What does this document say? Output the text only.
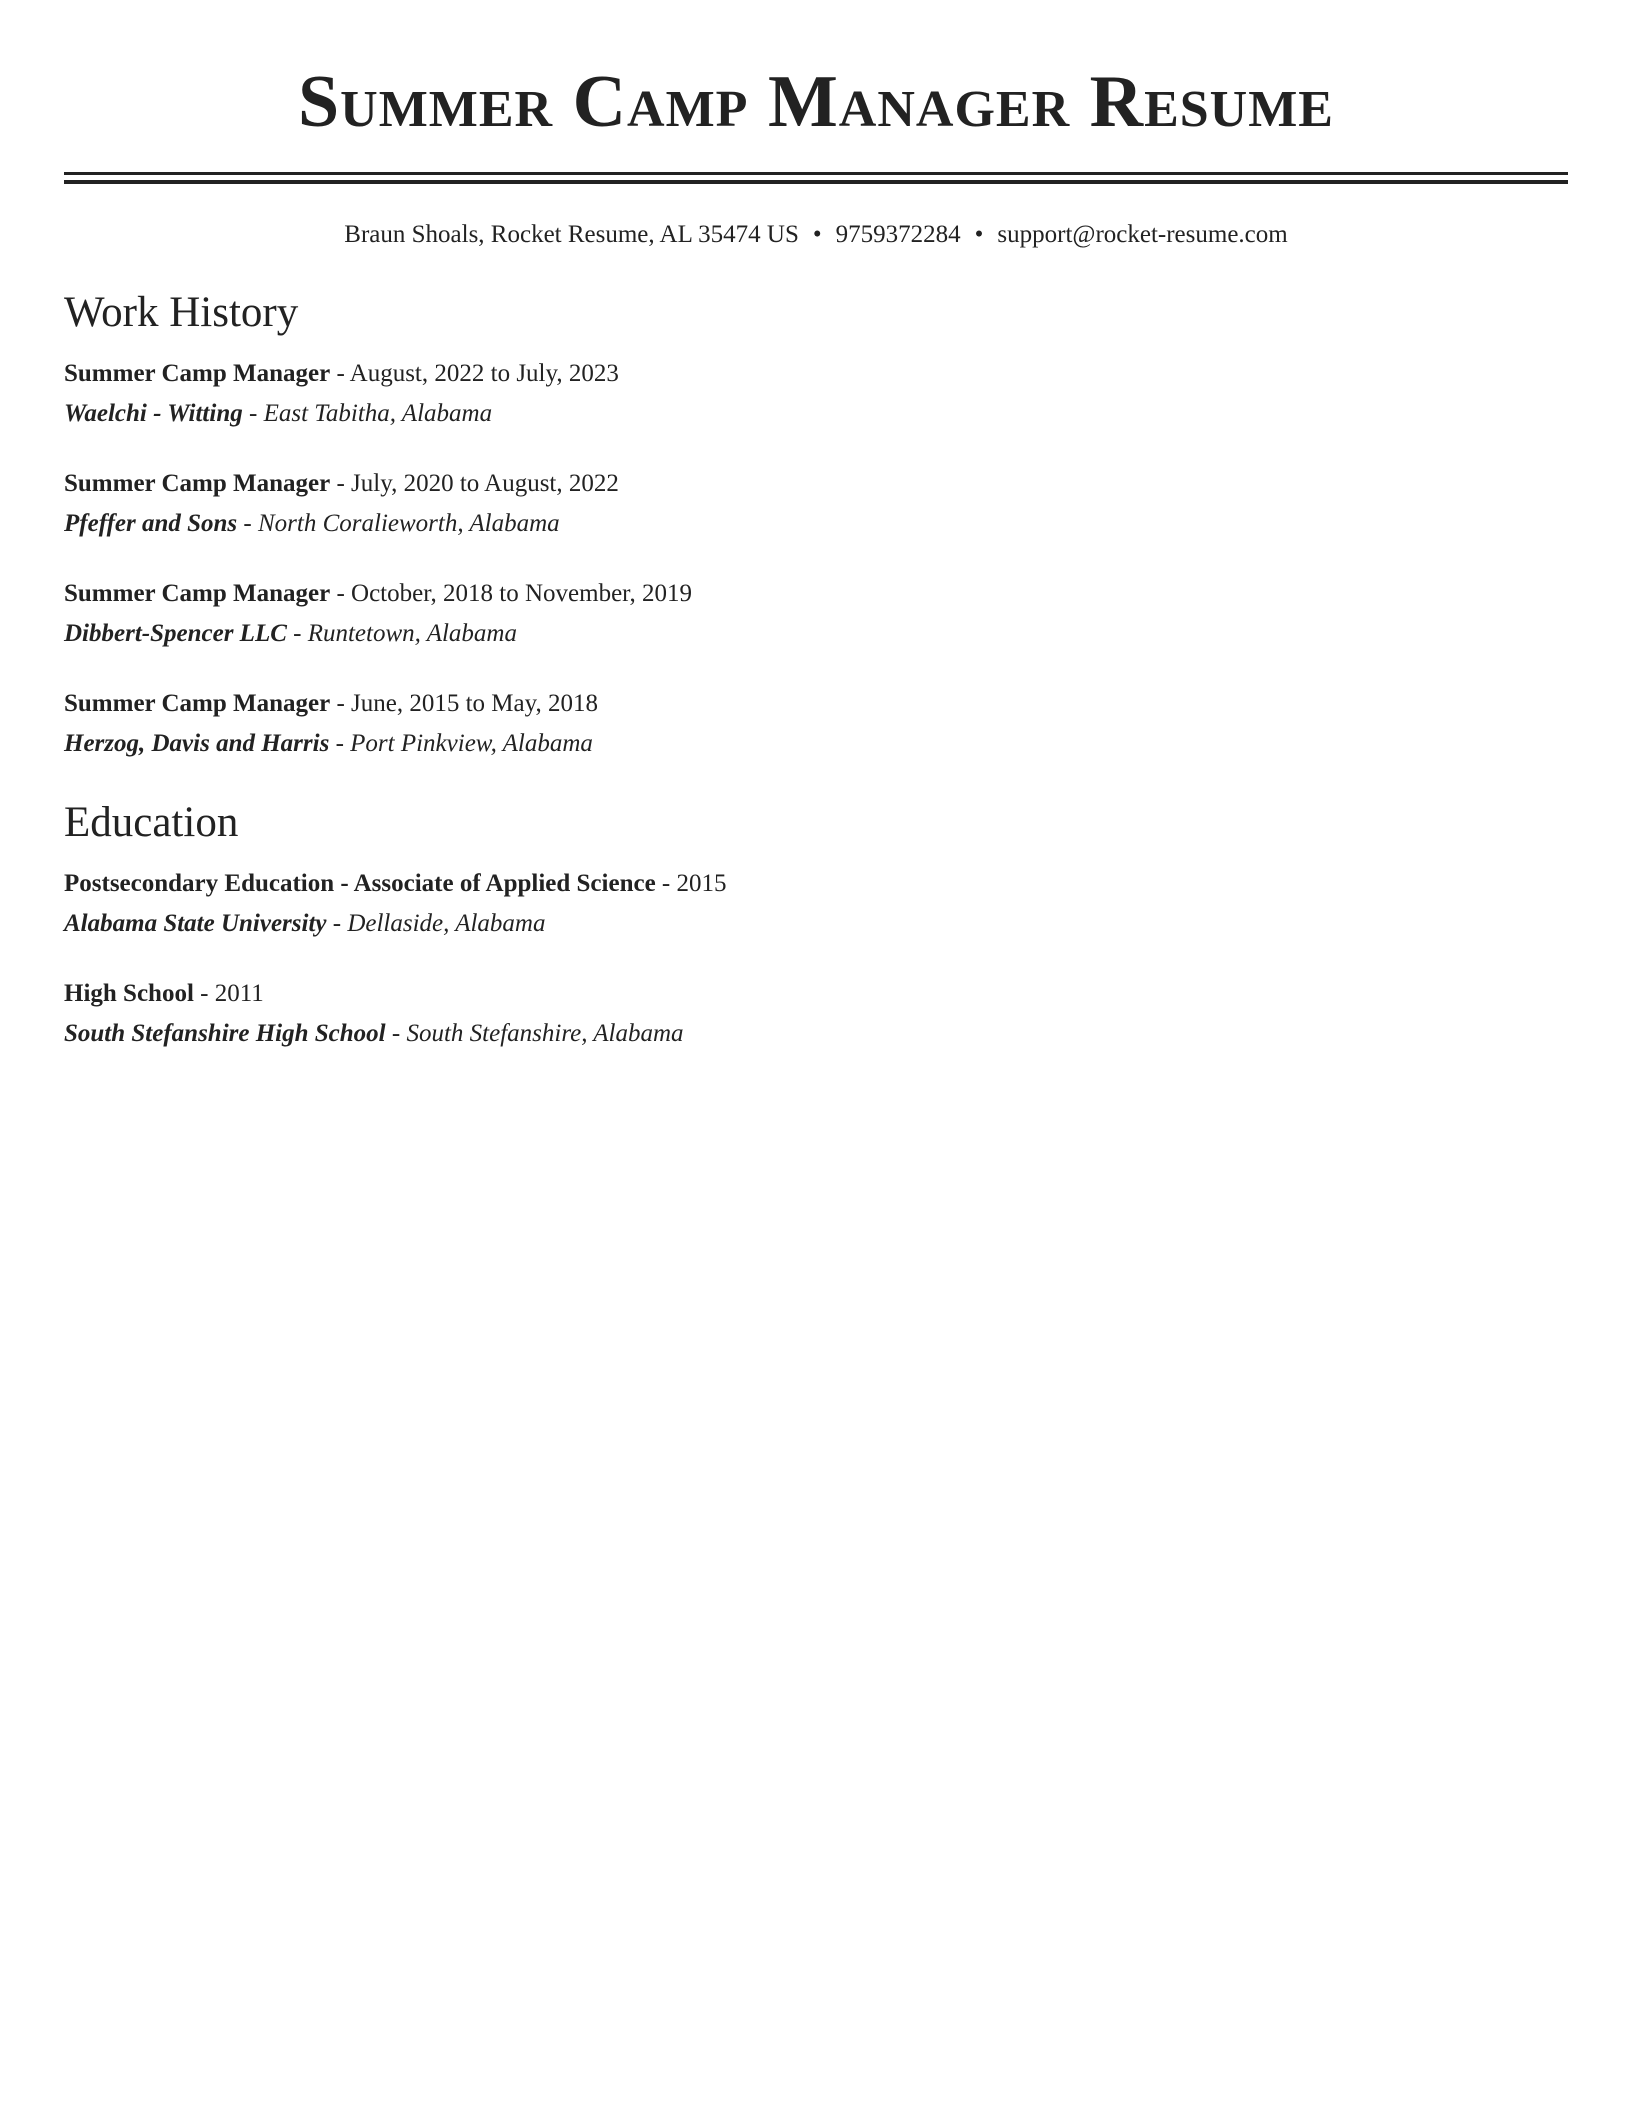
Summer Camp Manager Resume
Braun Shoals, Rocket Resume, AL 35474 US • 9759372284 • support@rocket-resume.com
Work History
Summer Camp Manager - August, 2022 to July, 2023
Waelchi - Witting - East Tabitha, Alabama
Summer Camp Manager - July, 2020 to August, 2022
Pfeffer and Sons - North Coralieworth, Alabama
Summer Camp Manager - October, 2018 to November, 2019
Dibbert-Spencer LLC - Runtetown, Alabama
Summer Camp Manager - June, 2015 to May, 2018
Herzog, Davis and Harris - Port Pinkview, Alabama
Education
Postsecondary Education - Associate of Applied Science - 2015
Alabama State University - Dellaside, Alabama
High School - 2011
South Stefanshire High School - South Stefanshire, Alabama
